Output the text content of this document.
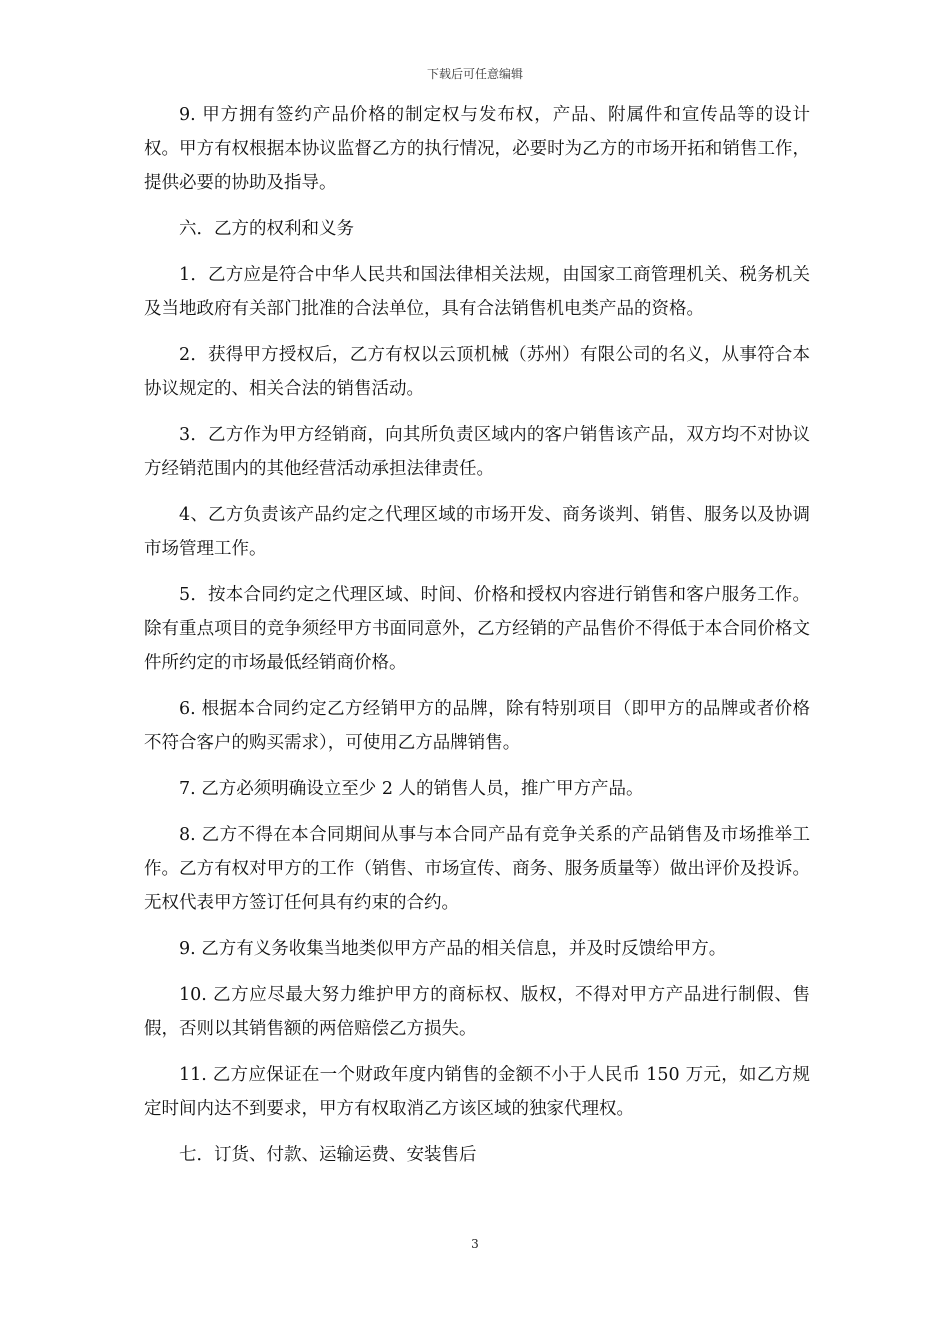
下载后可任意编辑

9. 甲方拥有签约产品价格的制定权与发布权，产品、附属件和宣传品等的设计权。甲方有权根据本协议监督乙方的执行情况，必要时为乙方的市场开拓和销售工作，提供必要的协助及指导。

六．乙方的权利和义务

1．乙方应是符合中华人民共和国法律相关法规，由国家工商管理机关、税务机关及当地政府有关部门批准的合法单位，具有合法销售机电类产品的资格。

2．获得甲方授权后，乙方有权以云顶机械（苏州）有限公司的名义，从事符合本协议规定的、相关合法的销售活动。

3．乙方作为甲方经销商，向其所负责区域内的客户销售该产品，双方均不对协议方经销范围内的其他经营活动承担法律责任。

4、乙方负责该产品约定之代理区域的市场开发、商务谈判、销售、服务以及协调市场管理工作。

5．按本合同约定之代理区域、时间、价格和授权内容进行销售和客户服务工作。除有重点项目的竞争须经甲方书面同意外，乙方经销的产品售价不得低于本合同价格文件所约定的市场最低经销商价格。

6. 根据本合同约定乙方经销甲方的品牌，除有特别项目（即甲方的品牌或者价格不符合客户的购买需求），可使用乙方品牌销售。

7. 乙方必须明确设立至少 2 人的销售人员，推广甲方产品。

8. 乙方不得在本合同期间从事与本合同产品有竞争关系的产品销售及市场推举工作。乙方有权对甲方的工作（销售、市场宣传、商务、服务质量等）做出评价及投诉。无权代表甲方签订任何具有约束的合约。

9. 乙方有义务收集当地类似甲方产品的相关信息，并及时反馈给甲方。

10. 乙方应尽最大努力维护甲方的商标权、版权，不得对甲方产品进行制假、售假，否则以其销售额的两倍赔偿乙方损失。

11. 乙方应保证在一个财政年度内销售的金额不小于人民币 150 万元，如乙方规定时间内达不到要求，甲方有权取消乙方该区域的独家代理权。

七．订货、付款、运输运费、安装售后

3
